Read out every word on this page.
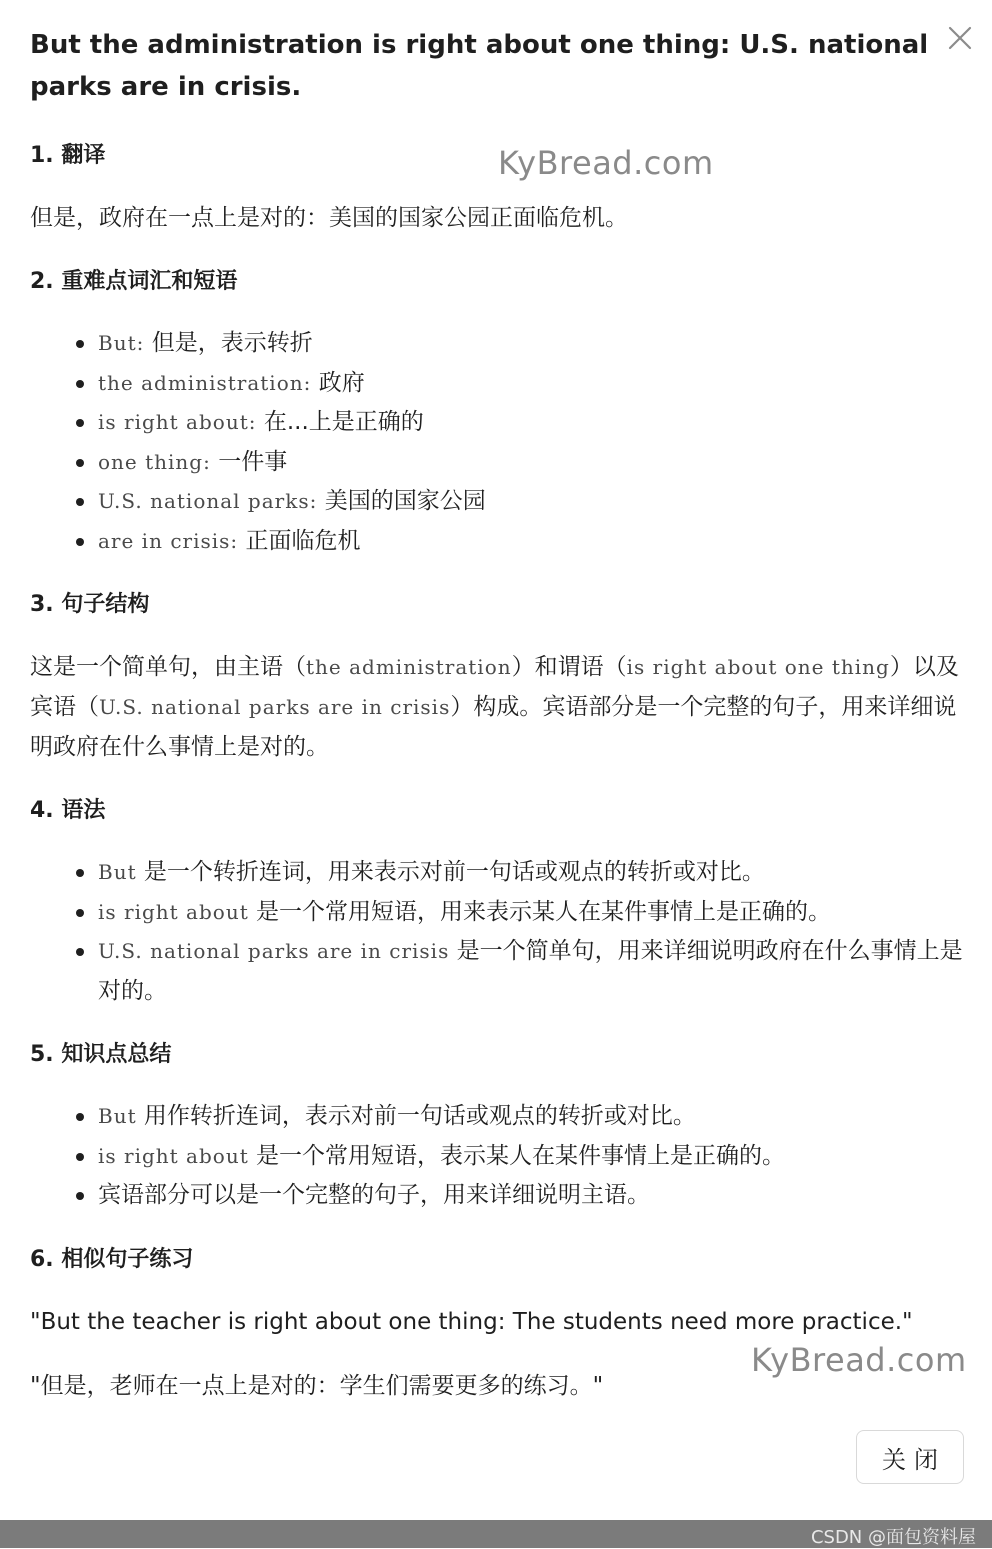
But the administration is right about one thing: U.S. national parks are in crisis.
KyBread.com
1. 翻译
但是，政府在一点上是对的：美国的国家公园正面临危机。
2. 重难点词汇和短语
But: 但是，表示转折
the administration: 政府
is right about: 在...上是正确的
one thing: 一件事
U.S. national parks: 美国的国家公园
are in crisis: 正面临危机
3. 句子结构
这是一个简单句，由主语（the administration）和谓语（is right about one thing）以及宾语（U.S. national parks are in crisis）构成。宾语部分是一个完整的句子，用来详细说明政府在什么事情上是对的。
4. 语法
But 是一个转折连词，用来表示对前一句话或观点的转折或对比。
is right about 是一个常用短语，用来表示某人在某件事情上是正确的。
U.S. national parks are in crisis 是一个简单句，用来详细说明政府在什么事情上是对的。
5. 知识点总结
But 用作转折连词，表示对前一句话或观点的转折或对比。
is right about 是一个常用短语，表示某人在某件事情上是正确的。
宾语部分可以是一个完整的句子，用来详细说明主语。
6. 相似句子练习
"But the teacher is right about one thing: The students need more practice."
"但是，老师在一点上是对的：学生们需要更多的练习。"
KyBread.com
关闭
CSDN @面包资料屋
